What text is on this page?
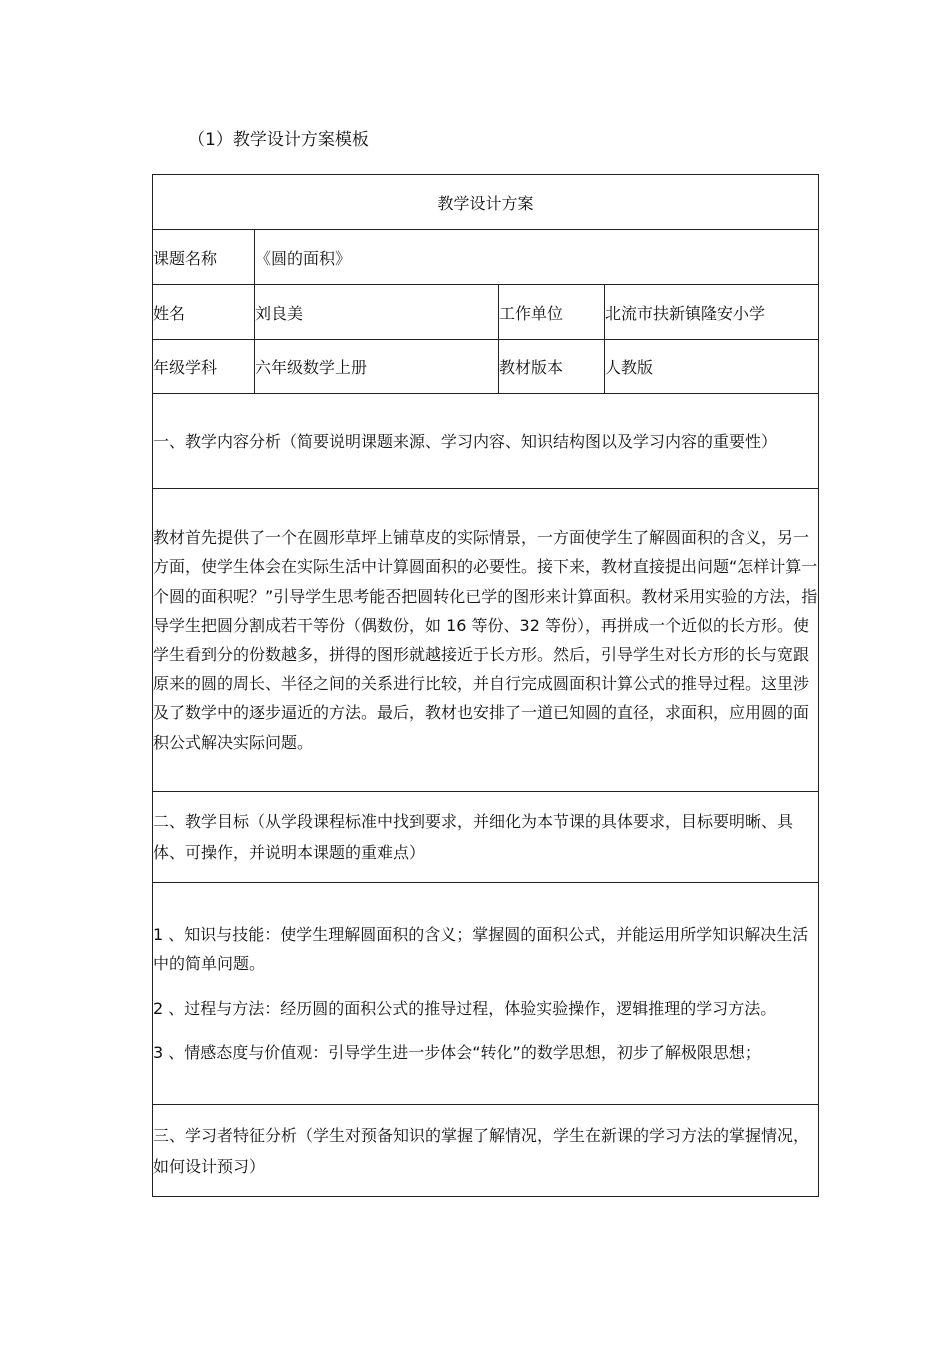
（1）教学设计方案模板
教学设计方案			
课题名称	《圆的面积》		
姓名	刘良美	工作单位	北流市扶新镇隆安小学
年级学科	六年级数学上册	教材版本	人教版
一、教学内容分析（简要说明课题来源、学习内容、知识结构图以及学习内容的重要性）			
教材首先提供了一个在圆形草坪上铺草皮的实际情景，一方面使学生了解圆面积的含义，另一方面，使学生体会在实际生活中计算圆面积的必要性。接下来，教材直接提出问题“怎样计算一个圆的面积呢？”引导学生思考能否把圆转化已学的图形来计算面积。教材采用实验的方法，指导学生把圆分割成若干等份（偶数份，如 16 等份、32 等份），再拼成一个近似的长方形。使学生看到分的份数越多，拼得的图形就越接近于长方形。然后，引导学生对长方形的长与宽跟原来的圆的周长、半径之间的关系进行比较，并自行完成圆面积计算公式的推导过程。这里涉及了数学中的逐步逼近的方法。最后，教材也安排了一道已知圆的直径，求面积，应用圆的面积公式解决实际问题。			
二、教学目标（从学段课程标准中找到要求，并细化为本节课的具体要求，目标要明晰、具体、可操作，并说明本课题的重难点）			

1 、知识与技能：使学生理解圆面积的含义；掌握圆的面积公式，并能运用所学知识解决生活中的简单问题。
2 、过程与方法：经历圆的面积公式的推导过程，体验实验操作，逻辑推理的学习方法。
3 、情感态度与价值观：引导学生进一步体会“转化”的数学思想，初步了解极限思想；			

三、学习者特征分析（学生对预备知识的掌握了解情况，学生在新课的学习方法的掌握情况，如何设计预习）			
